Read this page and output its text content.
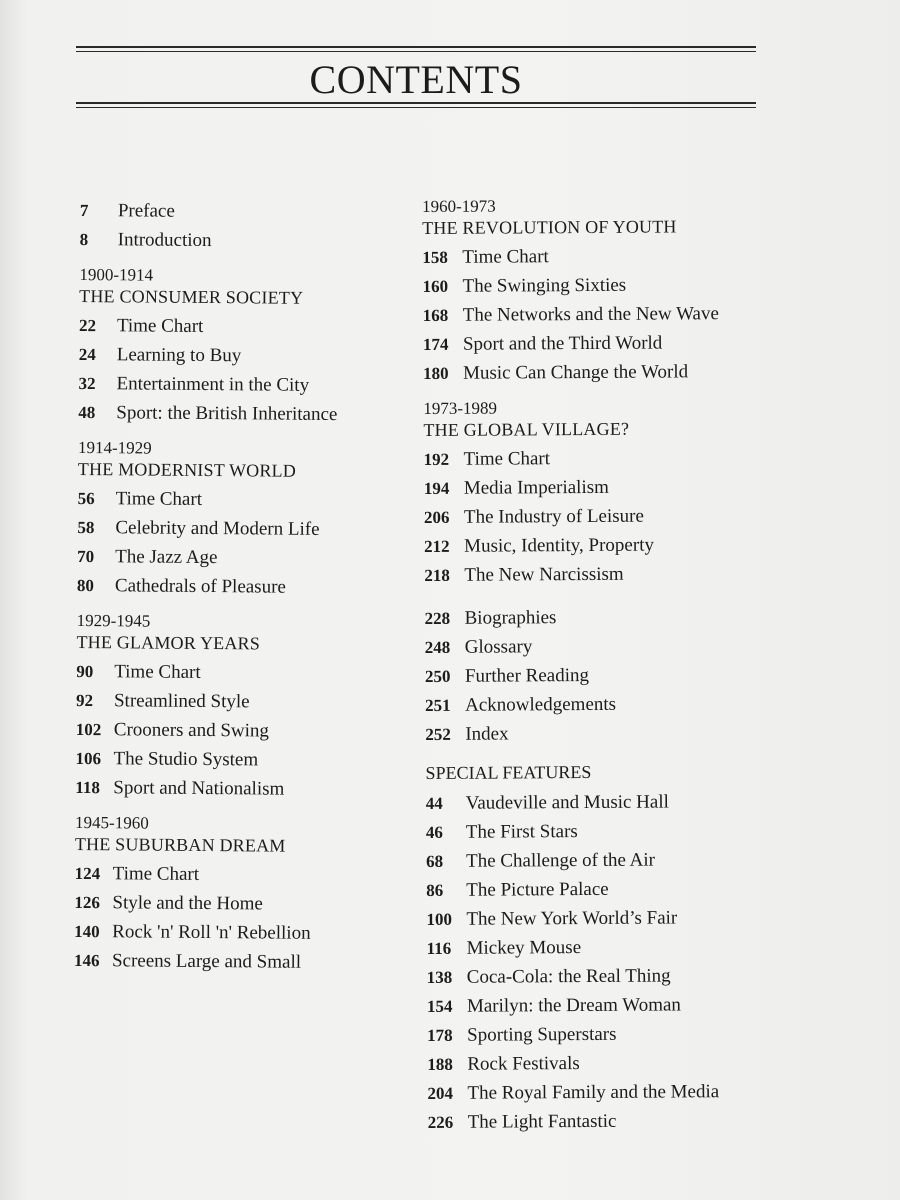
CONTENTS
7	Preface
8	Introduction
1900-1914
THE CONSUMER SOCIETY
22	Time Chart
24	Learning to Buy
32	Entertainment in the City
48	Sport: the British Inheritance
1914-1929
THE MODERNIST WORLD
56	Time Chart
58	Celebrity and Modern Life
70	The Jazz Age
80	Cathedrals of Pleasure
1929-1945
THE GLAMOR YEARS
90	Time Chart
92	Streamlined Style
102 Crooners and Swing
106 The Studio System
118 Sport and Nationalism
1945-1960
THE SUBURBAN DREAM
124 Time Chart
126 Style and the Home
140 Rock 'n' Roll 'n' Rebellion
146 Screens Large and Small
1960-1973
THE REVOLUTION OF YOUTH
158 Time Chart
160 The Swinging Sixties
168 The Networks and the New Wave
174 Sport and the Third World
180 Music Can Change the World
1973-1989
THE GLOBAL VILLAGE?
192 Time Chart
194 Media Imperialism
206 The Industry of Leisure
212 Music, Identity, Property
218 The New Narcissism
228 Biographies
248 Glossary
250 Further Reading
251 Acknowledgements
252 Index
SPECIAL FEATURES
44	Vaudeville and Music Hall
46	The First Stars
68	The Challenge of the Air
86	The Picture Palace
100 The New York World’s Fair
116 Mickey Mouse
138 Coca-Cola: the Real Thing
154 Marilyn: the Dream Woman
178 Sporting Superstars
188 Rock Festivals
204 The Royal Family and the Media
226 The Light Fantastic
